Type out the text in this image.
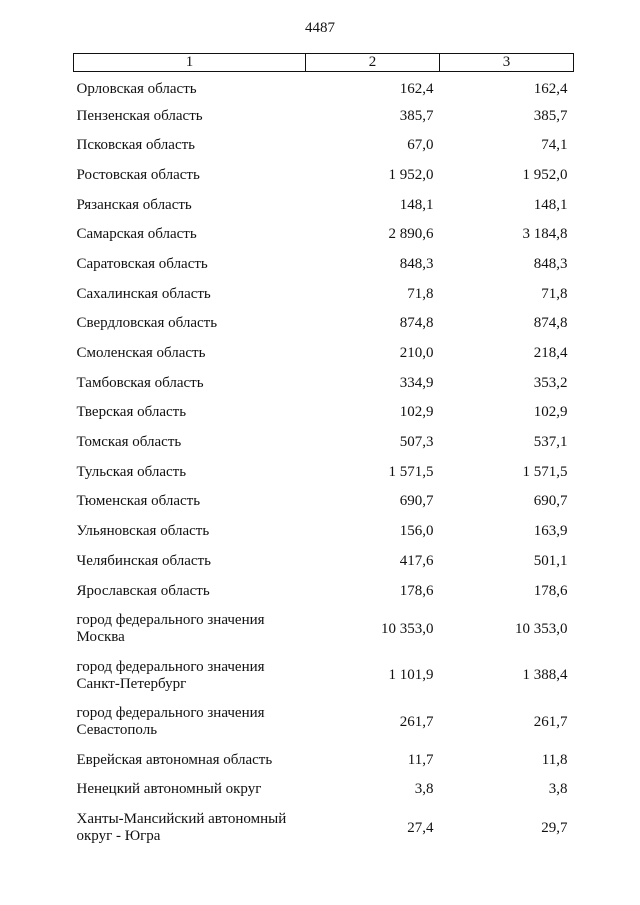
4487
1	2	3
Орловская область	162,4	162,4
Пензенская область	385,7	385,7
Псковская область	67,0	74,1
Ростовская область	1 952,0	1 952,0
Рязанская область	148,1	148,1
Самарская область	2 890,6	3 184,8
Саратовская область	848,3	848,3
Сахалинская область	71,8	71,8
Свердловская область	874,8	874,8
Смоленская область	210,0	218,4
Тамбовская область	334,9	353,2
Тверская область	102,9	102,9
Томская область	507,3	537,1
Тульская область	1 571,5	1 571,5
Тюменская область	690,7	690,7
Ульяновская область	156,0	163,9
Челябинская область	417,6	501,1
Ярославская область	178,6	178,6
город федерального значения
Москва	10 353,0	10 353,0
город федерального значения
Санкт-Петербург	1 101,9	1 388,4
город федерального значения
Севастополь	261,7	261,7
Еврейская автономная область	11,7	11,8
Ненецкий автономный округ	3,8	3,8
Ханты-Мансийский автономный
округ - Югра	27,4	29,7
